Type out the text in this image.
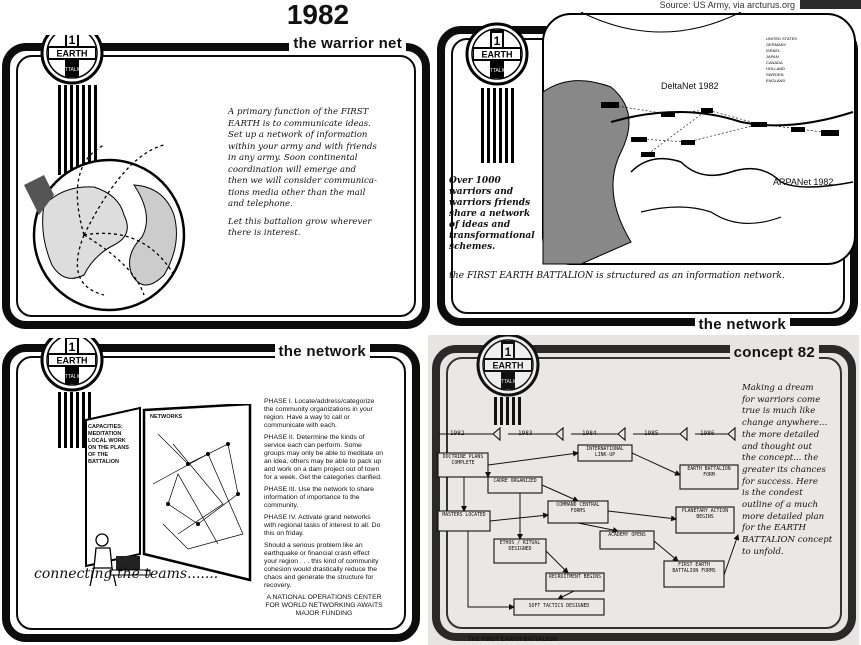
1982	Source: US Army, via arcturus.org
the warrior net
1
EARTH
BATTALION

A primary function of the FIRST

EARTH is to communicate ideas.

Set up a network of information

within your army and with friends

in any army. Soon continental

coordination will emerge and

then we will consider communica-

tions media other than the mail

and telephone.

Let this battalion grow wherever

there is interest.

the network
1
EARTH
BATTALION
UNITED STATES
GERMANY
ISRAEL
JAPAN
CANADA
HOLLAND
SWEDEN
ENGLAND
DeltaNet 1982
ARPANet 1982

Over 1000

warriors and

warriors friends

share a network

of ideas and

transformational

schemes.

the FIRST EARTH BATTALION is structured as an information network.
the network
1
EARTH
BATTALION
CAPACITIES:
MEDITATION
LOCAL WORK
ON THE PLANS
OF THE
BATTALION
NETWORKS
connecting the teams.......

PHASE I. Locate/address/categorize the community organizations in your region. Have a way to call or communicate with each.

PHASE II. Determine the kinds of service each can perform. Some groups may only be able to meditate on an idea, others may be able to pack up and work on a dam project out of town for a week. Get the categories clarified.

PHASE III. Use the network to share information of importance to the community.

PHASE IV. Activate grand networks with regional tasks of interest to all. Do this on friday.

Should a serious problem like an earthquake or financial crash effect your region . . . this kind of community cohesion would drastically reduce the chaos and generate the structure for recovery.

A NATIONAL OPERATIONS CENTER
FOR WORLD NETWORKING AWAITS
MAJOR FUNDING
concept 82
1
EARTH
BATTALION
1982	1983	1984	1985	1986
DOCTRINE PLANS COMPLETE
INTERNATIONAL LINK-UP
EARTH BATTALION FORM
CADRE ORGANIZED
COMMAND CENTRAL FORMS	PLANETARY ACTION BEGINS
MASTERS LOCATED
ACADEMY OPENS
ETHOS / RITUAL DESIGNED
FIRST EARTH BATTALION FORMS
RECRUITMENT BEGINS
SOFT TACTICS DESIGNED

Making a dream

for warriors come

true is much like

change anywhere...

the more detailed

and thought out

the concept... the

greater its chances

for success. Here

is the condest

outline of a much

more detailed plan

for the EARTH

BATTALION concept

to unfold.

THE FIRST EARTH BATTALION
